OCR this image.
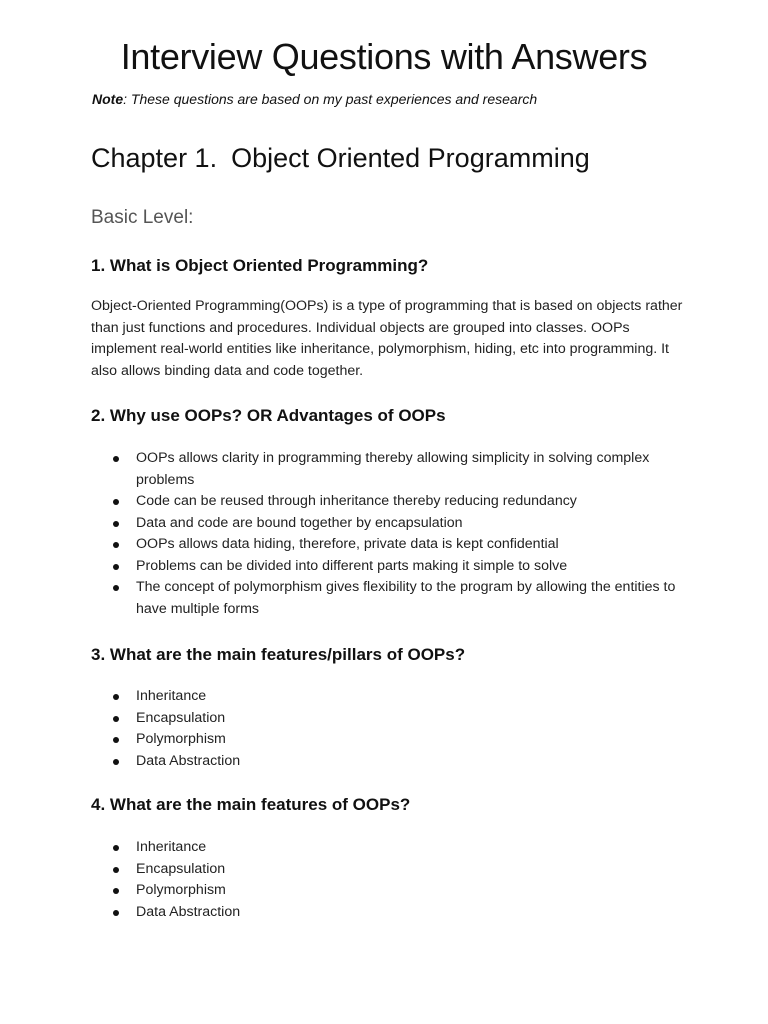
Interview Questions with Answers

Note: These questions are based on my past experiences and research

Chapter 1. Object Oriented Programming
Basic Level:
1. What is Object Oriented Programming?

Object-Oriented Programming(OOPs) is a type of programming that is based on objects rather than just functions and procedures. Individual objects are grouped into classes. OOPs implement real-world entities like inheritance, polymorphism, hiding, etc into programming. It also allows binding data and code together.

2. Why use OOPs? OR Advantages of OOPs
OOPs allows clarity in programming thereby allowing simplicity in solving complex problems
Code can be reused through inheritance thereby reducing redundancy
Data and code are bound together by encapsulation
OOPs allows data hiding, therefore, private data is kept confidential
Problems can be divided into different parts making it simple to solve
The concept of polymorphism gives flexibility to the program by allowing the entities to have multiple forms
3. What are the main features/pillars of OOPs?
Inheritance
Encapsulation
Polymorphism
Data Abstraction
4. What are the main features of OOPs?
Inheritance
Encapsulation
Polymorphism
Data Abstraction
